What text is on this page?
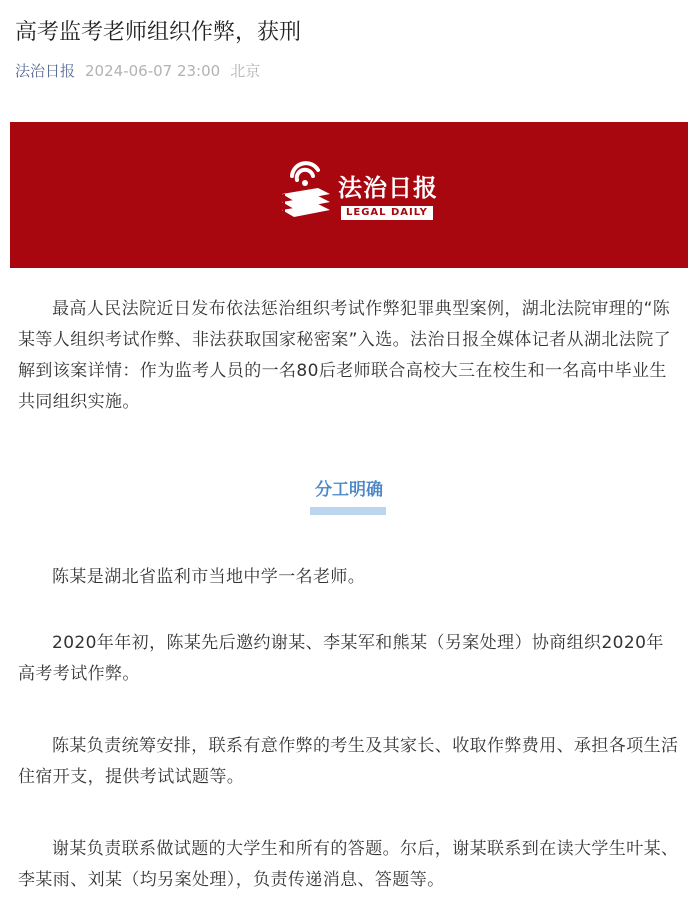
高考监考老师组织作弊，获刑
法治日报 2024-06-07 23:00 北京
法治日报
LEGAL DAILY

最高人民法院近日发布依法惩治组织考试作弊犯罪典型案例，湖北法院审理的“陈某等人组织考试作弊、非法获取国家秘密案”入选。法治日报全媒体记者从湖北法院了解到该案详情：作为监考人员的一名80后老师联合高校大三在校生和一名高中毕业生共同组织实施。

分工明确

陈某是湖北省监利市当地中学一名老师。

2020年年初，陈某先后邀约谢某、李某军和熊某（另案处理）协商组织2020年高考考试作弊。

陈某负责统筹安排，联系有意作弊的考生及其家长、收取作弊费用、承担各项生活住宿开支，提供考试试题等。

谢某负责联系做试题的大学生和所有的答题。尔后，谢某联系到在读大学生叶某、李某雨、刘某（均另案处理），负责传递消息、答题等。
